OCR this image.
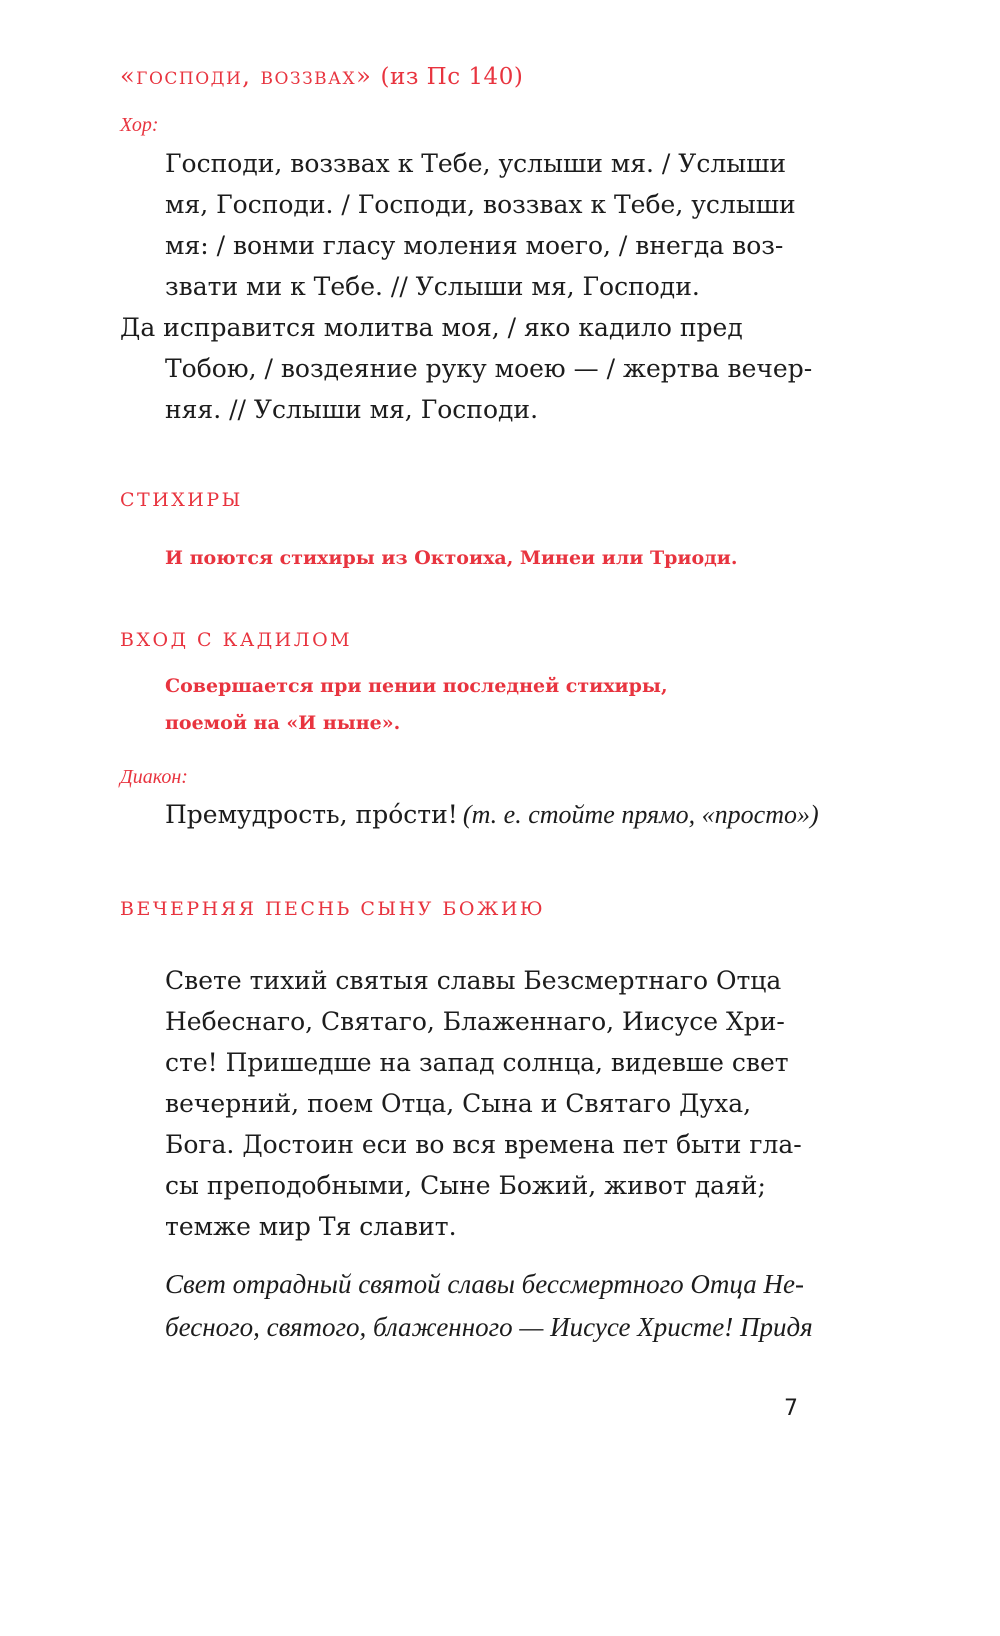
«господи, воззвах» (из Пс 140)

Хор:

Господи, воззвах к Тебе, услыши мя. / Услыши
мя, Господи. / Господи, воззвах к Тебе, услыши
мя: / вонми гласу моления моего, / внегда воз-
звати ми к Тебе. // Услыши мя, Господи.
Да исправится молитва моя, / яко кадило пред
Тобою, / воздеяние руку моею — / жертва вечер-
няя. // Услыши мя, Господи.
СТИХИРЫ

И поются стихиры из Октоиха, Минеи или Триоди.

ВХОД С КАДИЛОМ
Совершается при пении последней стихиры,
поемой на «И ныне».

Диакон:

Премудрость, про́сти! (т. е. стойте прямо, «просто»)

ВЕЧЕРНЯЯ ПЕСНЬ СЫНУ БОЖИЮ
Свете тихий святыя славы Безсмертнаго Отца
Небеснаго, Святаго, Блаженнаго, Иисусе Хри-
сте! Пришедше на запад солнца, видевше свет
вечерний, поем Отца, Сына и Святаго Духа,
Бога. Достоин еси во вся времена пет быти гла-
сы преподобными, Сыне Божий, живот даяй;
темже мир Тя славит.
Свет отрадный святой славы бессмертного Отца Не-
бесного, святого, блаженного — Иисусе Христе! Придя
7
